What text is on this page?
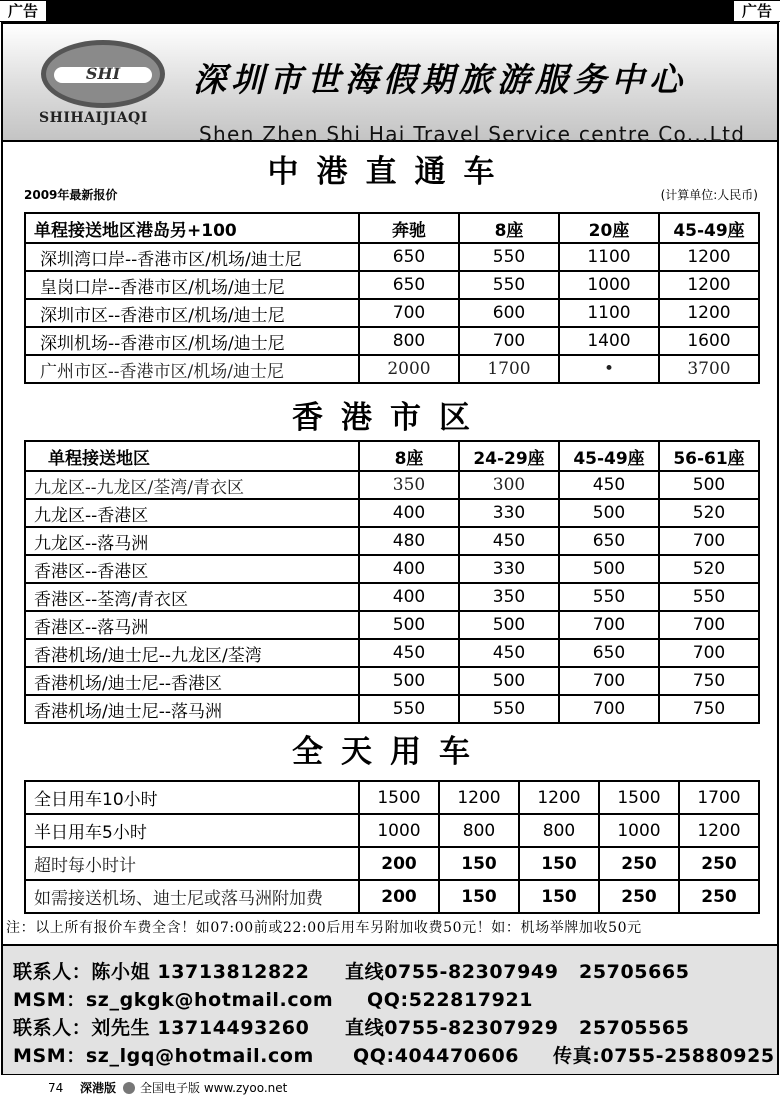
广告	广告
SHI
SHIHAIJIAQI
深圳市世海假期旅游服务中心
Shen Zhen Shi Hai Travel Service centre Co...Ltd
中港直通车
2009年最新报价	(计算单位:人民币)
单程接送地区港岛另+100	奔驰	8座	20座	45-49座
深圳湾口岸--香港市区/机场/迪士尼	650	550	1100	1200
皇岗口岸--香港市区/机场/迪士尼	650	550	1000	1200
深圳市区--香港市区/机场/迪士尼	700	600	1100	1200
深圳机场--香港市区/机场/迪士尼	800	700	1400	1600
广州市区--香港市区/机场/迪士尼	2000	1700	•	3700
香港市区
单程接送地区	8座	24-29座	45-49座	56-61座
九龙区--九龙区/荃湾/青衣区	350	300	450	500
九龙区--香港区	400	330	500	520
九龙区--落马洲	480	450	650	700
香港区--香港区	400	330	500	520
香港区--荃湾/青衣区	400	350	550	550
香港区--落马洲	500	500	700	700
香港机场/迪士尼--九龙区/荃湾	450	450	650	700
香港机场/迪士尼--香港区	500	500	700	750
香港机场/迪士尼--落马洲	550	550	700	750
全天用车
全日用车10小时	1500	1200	1200	1500	1700
半日用车5小时	1000	800	800	1000	1200
超时每小时计	200	150	150	250	250
如需接送机场、迪士尼或落马洲附加费	200	150	150	250	250
注：以上所有报价车费全含！如07:00前或22:00后用车另附加收费50元！如：机场举牌加收50元
联系人：陈小姐 13713812822 直线0755-82307949 25705665
MSM：sz_gkgk@hotmail.com QQ:522817921
联系人：刘先生 13714493260 直线0755-82307929 25705565
MSM：sz_lgq@hotmail.com QQ:404470606 传真:0755-25880925
74 深港版 全国电子版 www.zyoo.net
